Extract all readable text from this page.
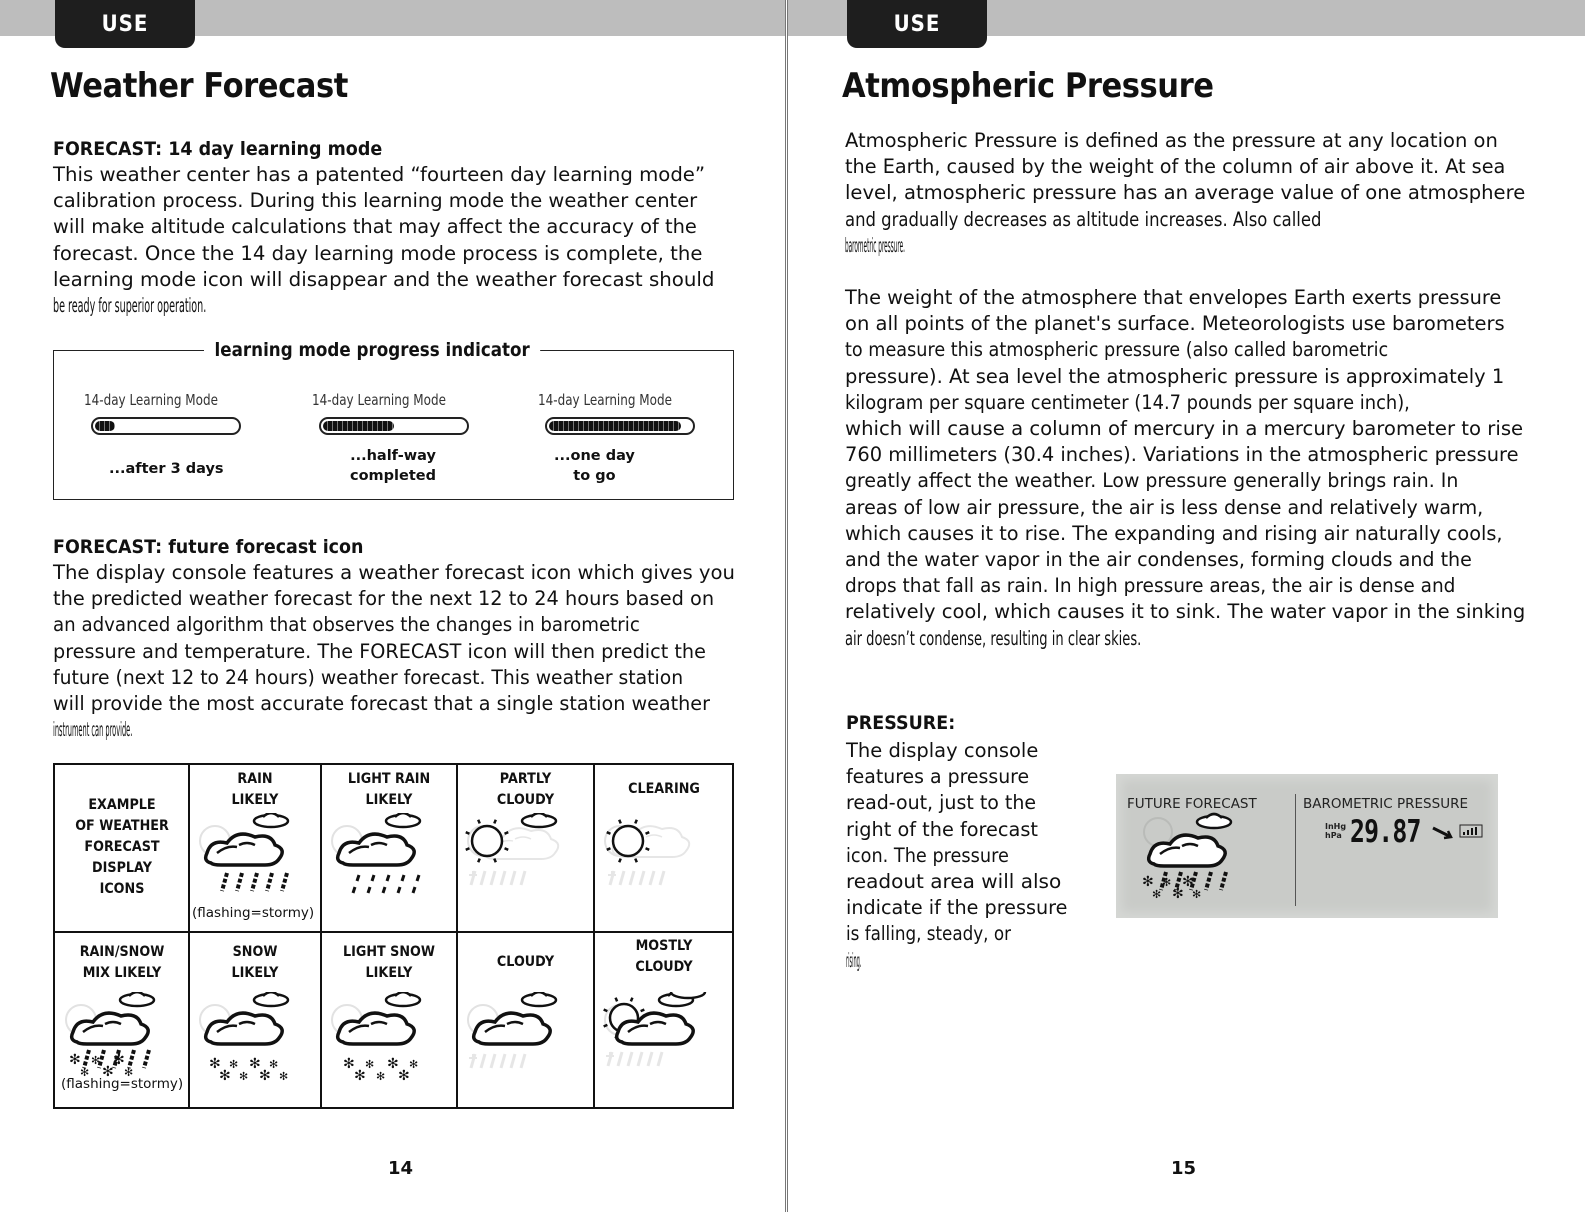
USE
Weather Forecast
FORECAST: 14 day learning mode
This weather center has a patented “fourteen day learning mode”
calibration process. During this learning mode the weather center
will make altitude calculations that may affect the accuracy of the
forecast. Once the 14 day learning mode process is complete, the
learning mode icon will disappear and the weather forecast should
be ready for superior operation.
learning mode progress indicator
14-day Learning Mode
...after 3 days
14-day Learning Mode
...half-way
completed
14-day Learning Mode
...one day
to go
FORECAST: future forecast icon
The display console features a weather forecast icon which gives you
the predicted weather forecast for the next 12 to 24 hours based on
an advanced algorithm that observes the changes in barometric
pressure and temperature. The FORECAST icon will then predict the
future (next 12 to 24 hours) weather forecast. This weather station
will provide the most accurate forecast that a single station weather
instrument can provide.
EXAMPLE
OF WEATHER
FORECAST
DISPLAY
ICONS
RAIN
LIKELY
(flashing=stormy)
LIGHT RAIN
LIKELY
PARTLY
CLOUDY
CLEARING
RAIN/SNOW
MIX LIKELY
✻ ✻ ✻
✻ ✻ ✻
(flashing=stormy)
SNOW
LIKELY
✻ ✻ ✻ ✻
✻ ✻ ✻ ✻
LIGHT SNOW
LIKELY
✻ ✻ ✻ ✻
✻ ✻ ✻
CLOUDY
MOSTLY
CLOUDY
14
USE
Atmospheric Pressure
Atmospheric Pressure is defined as the pressure at any location on
the Earth, caused by the weight of the column of air above it. At sea
level, atmospheric pressure has an average value of one atmosphere
and gradually decreases as altitude increases. Also called
barometric pressure.
The weight of the atmosphere that envelopes Earth exerts pressure
on all points of the planet's surface. Meteorologists use barometers
to measure this atmospheric pressure (also called barometric
pressure). At sea level the atmospheric pressure is approximately 1
kilogram per square centimeter (14.7 pounds per square inch),
which will cause a column of mercury in a mercury barometer to rise
760 millimeters (30.4 inches). Variations in the atmospheric pressure
greatly affect the weather. Low pressure generally brings rain. In
areas of low air pressure, the air is less dense and relatively warm,
which causes it to rise. The expanding and rising air naturally cools,
and the water vapor in the air condenses, forming clouds and the
drops that fall as rain. In high pressure areas, the air is dense and
relatively cool, which causes it to sink. The water vapor in the sinking
air doesn’t condense, resulting in clear skies.
PRESSURE:
The display console
features a pressure
read-out, just to the
right of the forecast
icon. The pressure
readout area will also
indicate if the pressure
is falling, steady, or
rising.
FUTURE FORECAST	BAROMETRIC PRESSURE
InHg
hPa 29.87
✻ ✻ ✻
✻ ✻ ✻
15
